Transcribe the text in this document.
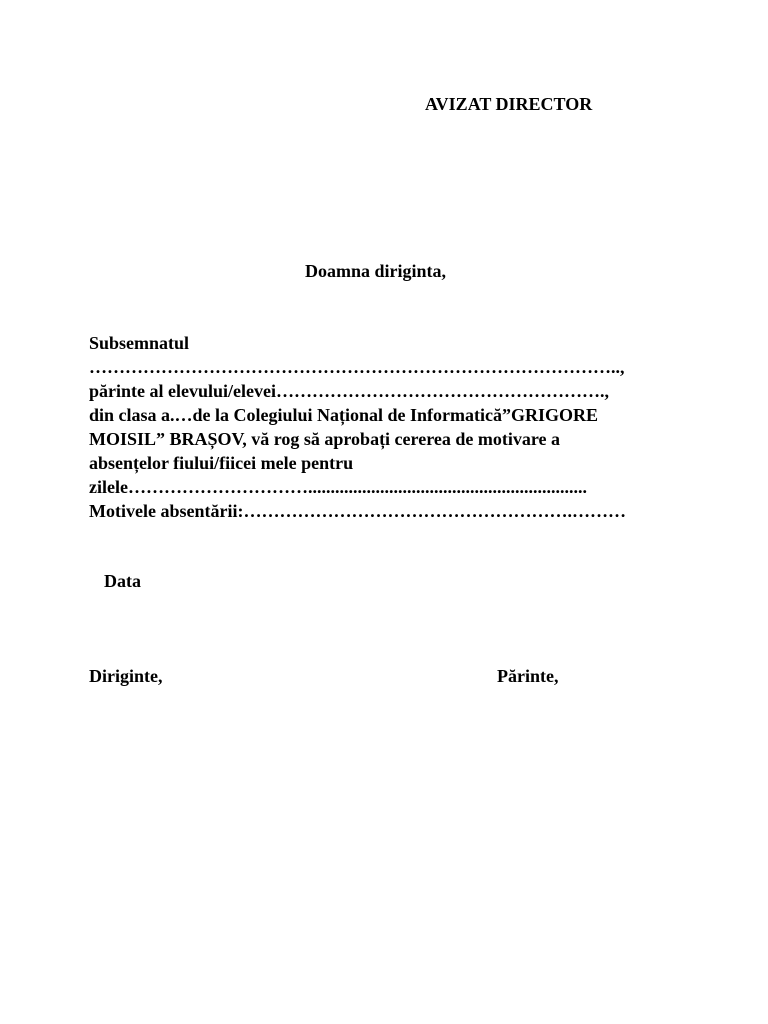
AVIZAT DIRECTOR
Doamna diriginta,
Subsemnatul
……………………………………………………………………………..,
părinte al elevului/elevei……………………………………………….,
din clasa a.…de la Colegiului Național de Informatică”GRIGORE
MOISIL” BRAȘOV, vă rog să aprobați cererea de motivare a
absențelor fiului/fiicei mele pentru
zilele…………………………..............................................................
Motivele absentării:……………………………………………….………
Data
Diriginte,	Părinte,
